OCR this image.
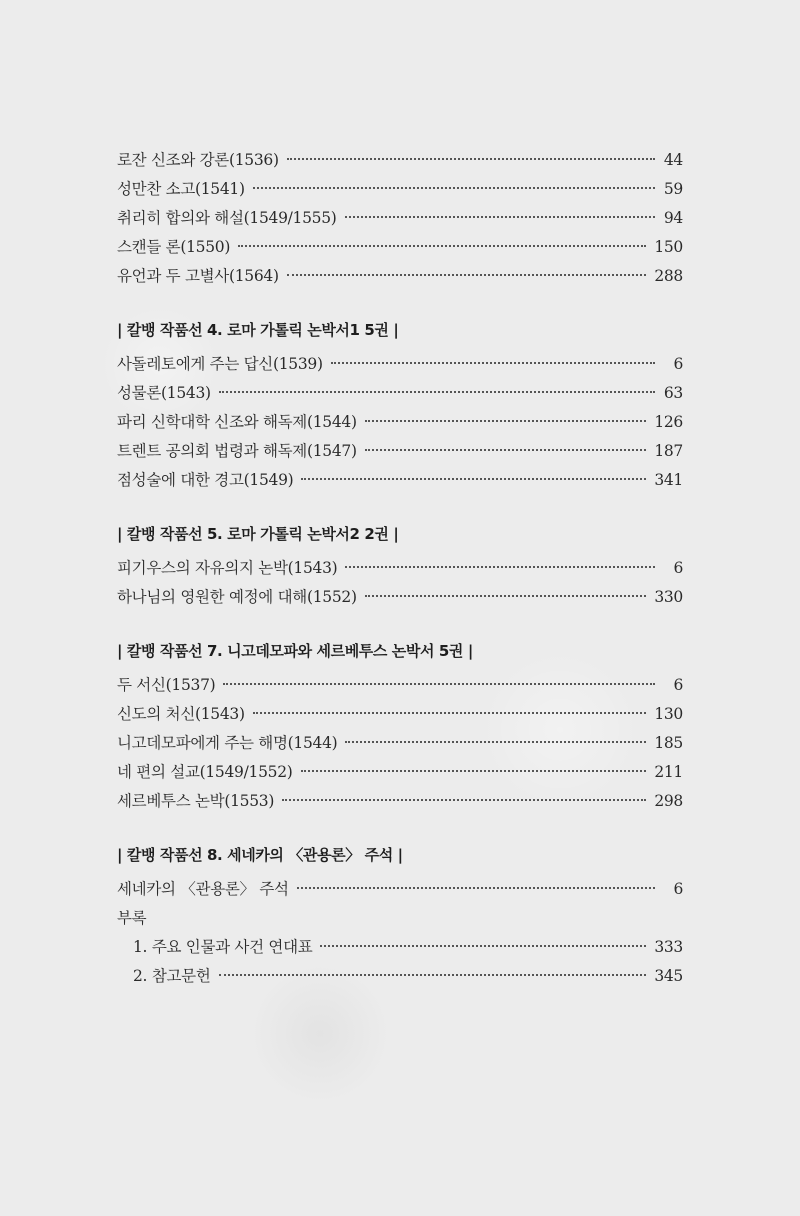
로잔 신조와 강론(1536)	44
성만찬 소고(1541)	59
취리히 합의와 해설(1549/1555)	94
스캔들 론(1550)	150
유언과 두 고별사(1564)	288
| 칼뱅 작품선 4. 로마 가톨릭 논박서1 5권 |
사돌레토에게 주는 답신(1539)	6
성물론(1543)	63
파리 신학대학 신조와 해독제(1544)	126
트렌트 공의회 법령과 해독제(1547)	187
점성술에 대한 경고(1549)	341
| 칼뱅 작품선 5. 로마 가톨릭 논박서2 2권 |
피기우스의 자유의지 논박(1543)	6
하나님의 영원한 예정에 대해(1552)	330
| 칼뱅 작품선 7. 니고데모파와 세르베투스 논박서 5권 |
두 서신(1537)	6
신도의 처신(1543)	130
니고데모파에게 주는 해명(1544)	185
네 편의 설교(1549/1552)	211
세르베투스 논박(1553)	298
| 칼뱅 작품선 8. 세네카의 〈관용론〉 주석 |
세네카의 〈관용론〉 주석	6
부록
1. 주요 인물과 사건 연대표	333
2. 참고문헌	345
